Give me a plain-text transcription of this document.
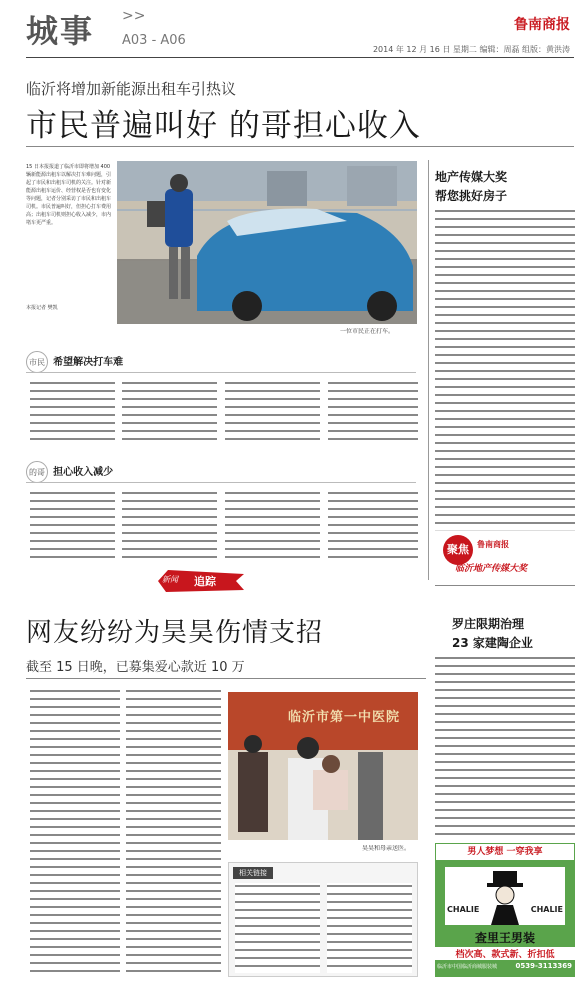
城事 >>
A03 - A06
鲁南商报
2014 年 12 月 16 日 星期二 编辑：周磊 组版：黄洪涛
临沂将增加新能源出租车引热议
市民普遍叫好 的哥担心收入
15 日本报报道了临沂市即将增加 400 辆新能源出租车以解决打车难问题，引起了市民和出租车司机的关注。针对新能源出租车运价、经营权是否也有变化等问题，记者分别采访了市民和出租车司机。市民普遍叫好，但担心打车费用高；出租车司机则担心收入减少，市内堵车更严重。
本报记者 樊凯
一位市民正在打车。
市民 希望解决打车难
的哥 担心收入减少
地产传媒大奖
帮您挑好房子
聚焦	鲁南商报
临沂地产传媒大奖
罗庄限期治理
23 家建陶企业
新闻 追踪
网友纷纷为昊昊伤情支招
截至 15 日晚，已募集爱心款近 10 万
临沂市第一中医院
昊昊和母亲送医。
相关链接
男人梦想 一穿我享
CHALIE	CHALIE
查里王男装
档次高、款式新、折扣低
临沂市中国临沂商城服装城	0539-3113369
